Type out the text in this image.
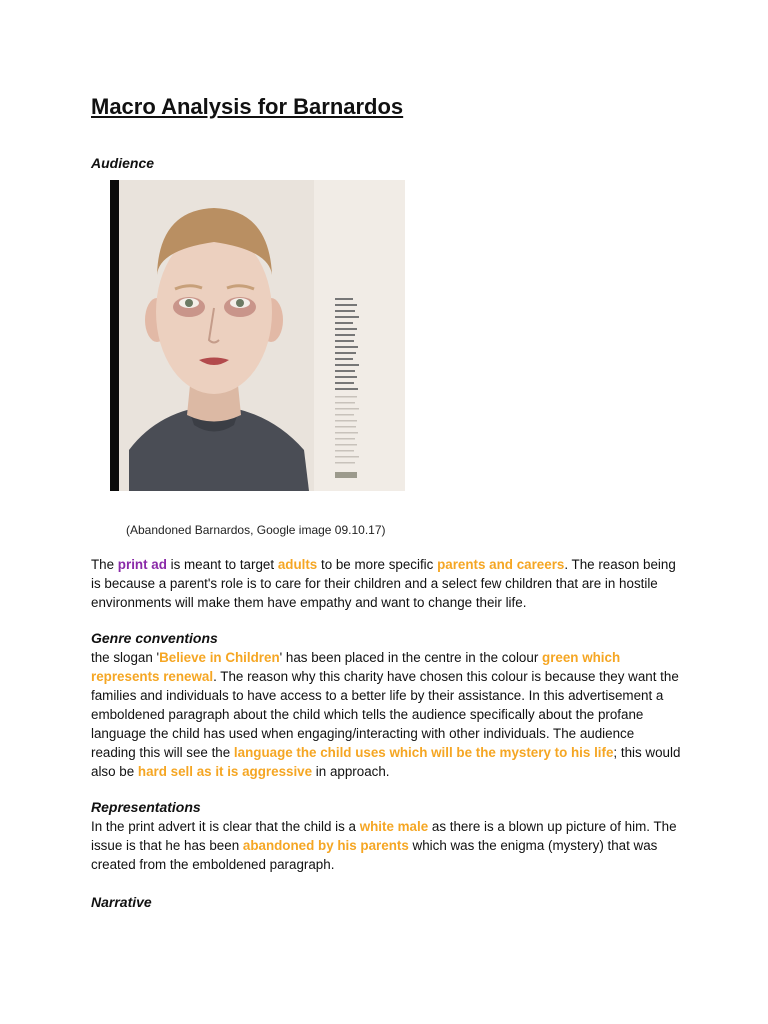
Macro Analysis for Barnardos
Audience

(Abandoned Barnardos, Google image 09.10.17)

The print ad is meant to target adults to be more specific parents and careers. The reason being is because a parent's role is to care for their children and a select few children that are in hostile environments will make them have empathy and want to change their life.

Genre conventions

the slogan 'Believe in Children' has been placed in the centre in the colour green which represents renewal. The reason why this charity have chosen this colour is because they want the families and individuals to have access to a better life by their assistance. In this advertisement a emboldened paragraph about the child which tells the audience specifically about the profane language the child has used when engaging/interacting with other individuals. The audience reading this will see the language the child uses which will be the mystery to his life; this would also be hard sell as it is aggressive in approach.

Representations

In the print advert it is clear that the child is a white male as there is a blown up picture of him. The issue is that he has been abandoned by his parents which was the enigma (mystery) that was created from the emboldened paragraph.

Narrative
